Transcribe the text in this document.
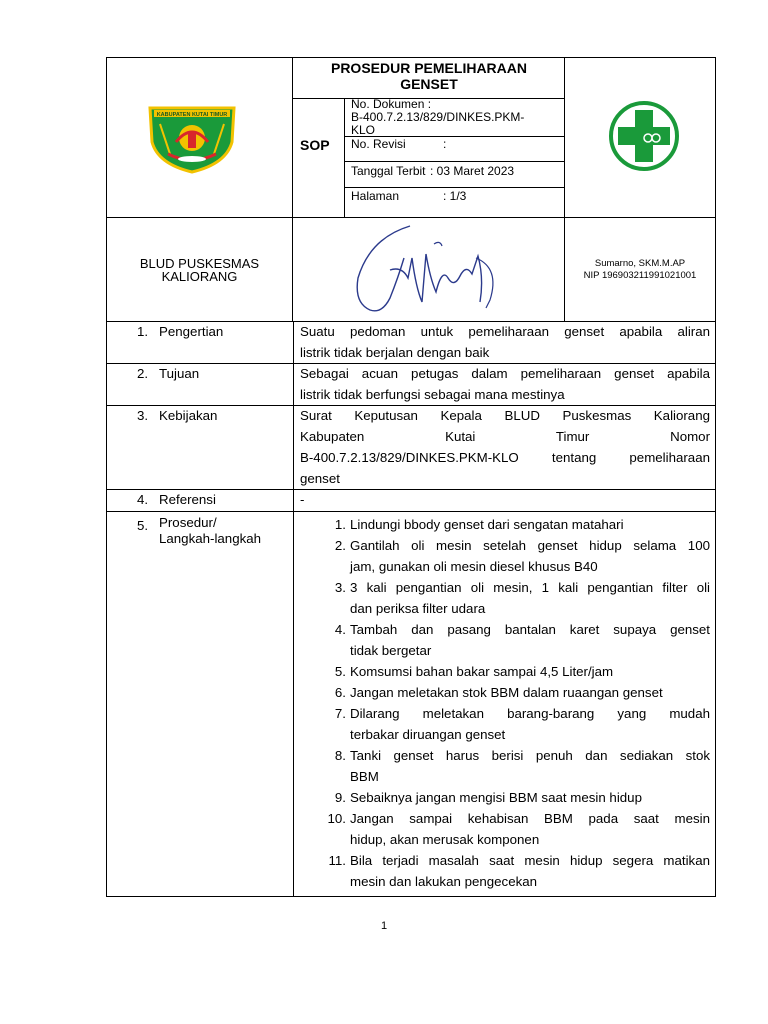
KABUPATEN KUTAI TIMUR
PROSEDUR PEMELIHARAAN
GENSET
SOP
No. Dokumen :
B-400.7.2.13/829/DINKES.PKM-
KLO
No. Revisi	:
Tanggal Terbit : 03 Maret 2023
Halaman	: 1/3
BLUD PUSKESMAS
KALIORANG
Sumarno, SKM.M.AP
NIP 196903211991021001
1. Pengertian	Suatu pedoman untuk pemeliharaan genset apabila aliran
listrik tidak berjalan dengan baik
2. Tujuan	Sebagai acuan petugas dalam pemeliharaan genset apabila
listrik tidak berfungsi sebagai mana mestinya
3. Kebijakan	Surat Keputusan Kepala BLUD Puskesmas Kaliorang
Kabupaten Kutai Timur Nomor
B-400.7.2.13/829/DINKES.PKM-KLO tentang pemeliharaan
genset
4. Referensi	-
5. Prosedur/
Langkah-langkah
1. Lindungi bbody genset dari sengatan matahari
2. Gantilah oli mesin setelah genset hidup selama 100
jam, gunakan oli mesin diesel khusus B40
3. 3 kali pengantian oli mesin, 1 kali pengantian filter oli
dan periksa filter udara
4. Tambah dan pasang bantalan karet supaya genset
tidak bergetar
5. Komsumsi bahan bakar sampai 4,5 Liter/jam
6. Jangan meletakan stok BBM dalam ruaangan genset
7. Dilarang meletakan barang-barang yang mudah
terbakar diruangan genset
8. Tanki genset harus berisi penuh dan sediakan stok
BBM
9. Sebaiknya jangan mengisi BBM saat mesin hidup
10. Jangan sampai kehabisan BBM pada saat mesin
hidup, akan merusak komponen
11. Bila terjadi masalah saat mesin hidup segera matikan
mesin dan lakukan pengecekan
1
